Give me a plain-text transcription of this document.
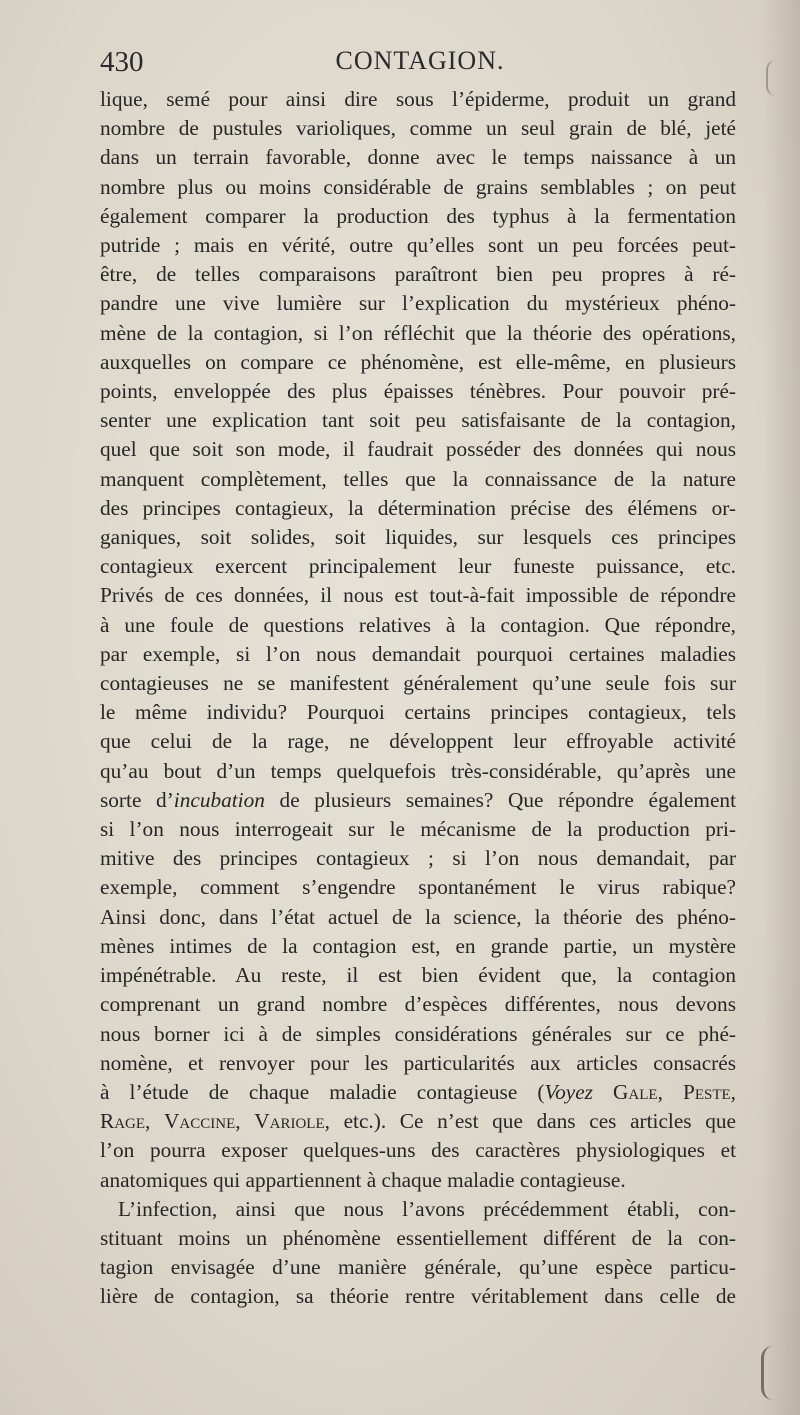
430	CONTAGION.
lique, semé pour ainsi dire sous l’épiderme, produit un grand
nombre de pustules varioliques, comme un seul grain de blé, jeté
dans un terrain favorable, donne avec le temps naissance à un
nombre plus ou moins considérable de grains semblables ; on peut
également comparer la production des typhus à la fermentation
putride ; mais en vérité, outre qu’elles sont un peu forcées peut-
être, de telles comparaisons paraîtront bien peu propres à ré-
pandre une vive lumière sur l’explication du mystérieux phéno-
mène de la contagion, si l’on réfléchit que la théorie des opérations,
auxquelles on compare ce phénomène, est elle-même, en plusieurs
points, enveloppée des plus épaisses ténèbres. Pour pouvoir pré-
senter une explication tant soit peu satisfaisante de la contagion,
quel que soit son mode, il faudrait posséder des données qui nous
manquent complètement, telles que la connaissance de la nature
des principes contagieux, la détermination précise des élémens or-
ganiques, soit solides, soit liquides, sur lesquels ces principes
contagieux exercent principalement leur funeste puissance, etc.
Privés de ces données, il nous est tout-à-fait impossible de répondre
à une foule de questions relatives à la contagion. Que répondre,
par exemple, si l’on nous demandait pourquoi certaines maladies
contagieuses ne se manifestent généralement qu’une seule fois sur
le même individu? Pourquoi certains principes contagieux, tels
que celui de la rage, ne développent leur effroyable activité
qu’au bout d’un temps quelquefois très-considérable, qu’après une
sorte d’incubation de plusieurs semaines? Que répondre également
si l’on nous interrogeait sur le mécanisme de la production pri-
mitive des principes contagieux ; si l’on nous demandait, par
exemple, comment s’engendre spontanément le virus rabique?
Ainsi donc, dans l’état actuel de la science, la théorie des phéno-
mènes intimes de la contagion est, en grande partie, un mystère
impénétrable. Au reste, il est bien évident que, la contagion
comprenant un grand nombre d’espèces différentes, nous devons
nous borner ici à de simples considérations générales sur ce phé-
nomène, et renvoyer pour les particularités aux articles consacrés
à l’étude de chaque maladie contagieuse (Voyez Gale, Peste,
Rage, Vaccine, Variole, etc.). Ce n’est que dans ces articles que
l’on pourra exposer quelques-uns des caractères physiologiques et
anatomiques qui appartiennent à chaque maladie contagieuse.
L’infection, ainsi que nous l’avons précédemment établi, con-
stituant moins un phénomène essentiellement différent de la con-
tagion envisagée d’une manière générale, qu’une espèce particu-
lière de contagion, sa théorie rentre véritablement dans celle de
